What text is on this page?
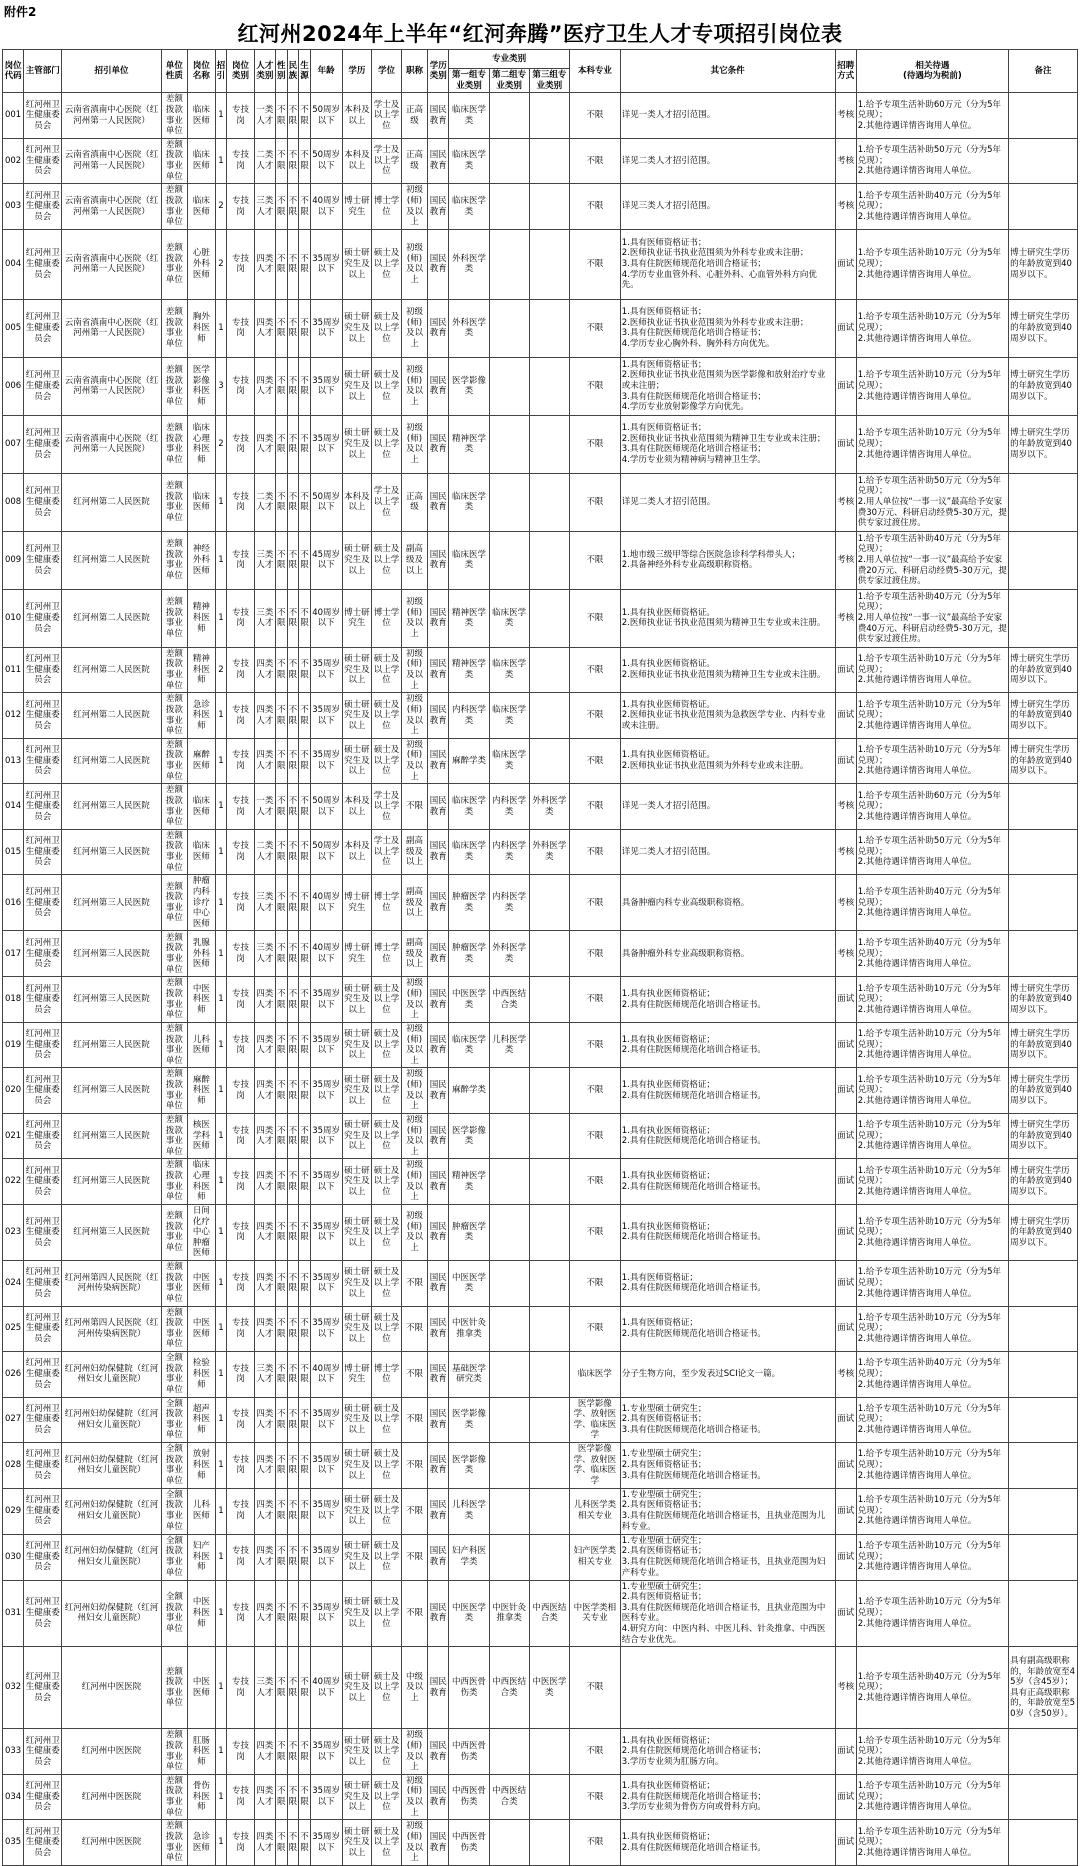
附件2
红河州2024年上半年“红河奔腾”医疗卫生人才专项招引岗位表
岗位代码	主管部门	招引单位	单位性质	岗位名称	招引	岗位类别	人才类别	性别	民族	生源	年龄	学历	学位	职称	学历类别	专业类别			本科专业	其它条件	招聘方式	相关待遇
(待遇均为税前)	备注
																第一组专业类别	第二组专业类别	第三组专业类别					
001	红河州卫生健康委员会	云南省滇南中心医院（红河州第一人民医院）	差额拨款事业单位	临床医师	1	专技岗	一类人才	不限	不限	不限	50周岁以下	本科及以上	学士及以上学位	正高级	国民教育	临床医学类			不限	详见一类人才招引范围。	考核	1.给予专项生活补助60万元（分为5年兑现）；
2.其他待遇详情咨询用人单位。	
002	红河州卫生健康委员会	云南省滇南中心医院（红河州第一人民医院）	差额拨款事业单位	临床医师	1	专技岗	二类人才	不限	不限	不限	50周岁以下	本科及以上	学士及以上学位	正高级	国民教育	临床医学类			不限	详见二类人才招引范围。	考核	1.给予专项生活补助50万元（分为5年兑现）；
2.其他待遇详情咨询用人单位。	
003	红河州卫生健康委员会	云南省滇南中心医院（红河州第一人民医院）	差额拨款事业单位	临床医师	2	专技岗	三类人才	不限	不限	不限	40周岁以下	博士研究生	博士学位	初级(师)及以上	国民教育	临床医学类			不限	详见三类人才招引范围。	考核	1.给予专项生活补助40万元（分为5年兑现）；
2.其他待遇详情咨询用人单位。	
004	红河州卫生健康委员会	云南省滇南中心医院（红河州第一人民医院）	差额拨款事业单位	心脏外科医师	2	专技岗	四类人才	不限	不限	不限	35周岁以下	硕士研究生及以上	硕士及以上学位	初级(师)及以上	国民教育	外科医学类			不限	1.具有医师资格证书；
2.医师执业证书执业范围须为外科专业或未注册；
3.具有住院医师规范化培训合格证书；
4.学历专业血管外科、心脏外科、心血管外科方向优先。	面试	1.给予专项生活补助10万元（分为5年兑现）；
2.其他待遇详情咨询用人单位。	博士研究生学历的年龄放宽到40周岁以下。
005	红河州卫生健康委员会	云南省滇南中心医院（红河州第一人民医院）	差额拨款事业单位	胸外科医师	1	专技岗	四类人才	不限	不限	不限	35周岁以下	硕士研究生及以上	硕士及以上学位	初级(师)及以上	国民教育	外科医学类			不限	1.具有医师资格证书；
2.医师执业证书执业范围须为外科专业或未注册；
3.具有住院医师规范化培训合格证书；
4.学历专业心胸外科、胸外科方向优先。	面试	1.给予专项生活补助10万元（分为5年兑现）；
2.其他待遇详情咨询用人单位。	博士研究生学历的年龄放宽到40周岁以下。
006	红河州卫生健康委员会	云南省滇南中心医院（红河州第一人民医院）	差额拨款事业单位	医学影像科医师	3	专技岗	四类人才	不限	不限	不限	35周岁以下	硕士研究生及以上	硕士及以上学位	初级(师)及以上	国民教育	医学影像类			不限	1.具有医师资格证书；
2.医师执业证书执业范围须为医学影像和放射治疗专业或未注册；
3.具有住院医师规范化培训合格证书；
4.学历专业放射影像学方向优先。	面试	1.给予专项生活补助10万元（分为5年兑现）；
2.其他待遇详情咨询用人单位。	博士研究生学历的年龄放宽到40周岁以下。
007	红河州卫生健康委员会	云南省滇南中心医院（红河州第一人民医院）	差额拨款事业单位	临床心理科医师	2	专技岗	四类人才	不限	不限	不限	35周岁以下	硕士研究生及以上	硕士及以上学位	初级(师)及以上	国民教育	精神医学类			不限	1.具有医师资格证书；
2.医师执业证书执业范围须为精神卫生专业或未注册；
3.具有住院医师规范化培训合格证书；
4.学历专业须为精神病与精神卫生学。	面试	1.给予专项生活补助10万元（分为5年兑现）；
2.其他待遇详情咨询用人单位。	博士研究生学历的年龄放宽到40周岁以下。
008	红河州卫生健康委员会	红河州第二人民医院	差额拨款事业单位	临床医师	1	专技岗	二类人才	不限	不限	不限	50周岁以下	本科及以上	学士及以上学位	正高级	国民教育	临床医学类			不限	详见二类人才招引范围。	考核	1.给予专项生活补助50万元（分为5年兑现）；
2.用人单位按“一事一议”最高给予安家费30万元、科研启动经费5-30万元，提供专家过渡住房。	
009	红河州卫生健康委员会	红河州第二人民医院	差额拨款事业单位	神经外科医师	1	专技岗	三类人才	不限	不限	不限	45周岁以下	硕士研究生及以上	硕士及以上学位	副高级及以上	国民教育	临床医学类			不限	1.地市级三级甲等综合医院急诊科学科带头人；
2.具备神经外科专业高级职称资格。	考核	1.给予专项生活补助40万元（分为5年兑现）；
2.用人单位按“一事一议”最高给予安家费20万元、科研启动经费5-30万元，提供专家过渡住房。	
010	红河州卫生健康委员会	红河州第二人民医院	差额拨款事业单位	精神科医师	1	专技岗	三类人才	不限	不限	不限	40周岁以下	博士研究生	博士学位	初级(师)及以上	国民教育	精神医学类	临床医学类		不限	1.具有执业医师资格证。
2.医师执业证书执业范围须为精神卫生专业或未注册。	考核	1.给予专项生活补助40万元（分为5年兑现）；
2.用人单位按“一事一议”最高给予安家费40万元、科研启动经费5-30万元，提供专家过渡住房。	
011	红河州卫生健康委员会	红河州第二人民医院	差额拨款事业单位	精神科医师	2	专技岗	四类人才	不限	不限	不限	35周岁以下	硕士研究生及以上	硕士及以上学位	初级(师)及以上	国民教育	精神医学类	临床医学类		不限	1.具有执业医师资格证。
2.医师执业证书执业范围须为精神卫生专业或未注册。	面试	1.给予专项生活补助10万元（分为5年兑现）；
2.其他待遇详情咨询用人单位。	博士研究生学历的年龄放宽到40周岁以下。
012	红河州卫生健康委员会	红河州第二人民医院	差额拨款事业单位	急诊科医师	1	专技岗	四类人才	不限	不限	不限	35周岁以下	硕士研究生及以上	硕士及以上学位	初级(师)及以上	国民教育	内科医学类	临床医学类		不限	1.具有执业医师资格证。
2.医师执业证书执业范围须为急救医学专业、内科专业或未注册。	面试	1.给予专项生活补助10万元（分为5年兑现）；
2.其他待遇详情咨询用人单位。	博士研究生学历的年龄放宽到40周岁以下。
013	红河州卫生健康委员会	红河州第二人民医院	差额拨款事业单位	麻醉医师	1	专技岗	四类人才	不限	不限	不限	35周岁以下	硕士研究生及以上	硕士及以上学位	初级(师)及以上	国民教育	麻醉学类	临床医学类		不限	1.具有执业医师资格证。
2.医师执业证书执业范围须为外科专业或未注册。	面试	1.给予专项生活补助10万元（分为5年兑现）；
2.其他待遇详情咨询用人单位。	博士研究生学历的年龄放宽到40周岁以下。
014	红河州卫生健康委员会	红河州第三人民医院	差额拨款事业单位	临床医师	1	专技岗	一类人才	不限	不限	不限	50周岁以下	本科及以上	学士及以上学位	不限	国民教育	临床医学类	内科医学类	外科医学类	不限	详见一类人才招引范围。	考核	1.给予专项生活补助60万元（分为5年兑现）；
2.其他待遇详情咨询用人单位。	
015	红河州卫生健康委员会	红河州第三人民医院	差额拨款事业单位	临床医师	1	专技岗	二类人才	不限	不限	不限	50周岁以下	本科及以上	学士及以上学位	副高级及以上	国民教育	临床医学类	内科医学类	外科医学类	不限	详见二类人才招引范围。	考核	1.给予专项生活补助50万元（分为5年兑现）；
2.其他待遇详情咨询用人单位。	
016	红河州卫生健康委员会	红河州第三人民医院	差额拨款事业单位	肿瘤内科诊疗中心医师	1	专技岗	三类人才	不限	不限	不限	40周岁以下	博士研究生	博士学位	副高级及以上	国民教育	肿瘤医学类	内科医学类		不限	具备肿瘤内科专业高级职称资格。	考核	1.给予专项生活补助40万元（分为5年兑现）；
2.其他待遇详情咨询用人单位。	
017	红河州卫生健康委员会	红河州第三人民医院	差额拨款事业单位	乳腺外科医师	1	专技岗	三类人才	不限	不限	不限	40周岁以下	博士研究生	博士学位	副高级及以上	国民教育	肿瘤医学类	外科医学类		不限	具备肿瘤外科专业高级职称资格。	考核	1.给予专项生活补助40万元（分为5年兑现）；
2.其他待遇详情咨询用人单位。	
018	红河州卫生健康委员会	红河州第三人民医院	差额拨款事业单位	中医科医师	1	专技岗	四类人才	不限	不限	不限	35周岁以下	硕士研究生及以上	硕士及以上学位	初级(师)及以上	国民教育	中医医学类	中西医结合类		不限	1.具有执业医师资格证；
2.具有住院医师规范化培训合格证书。	面试	1.给予专项生活补助10万元（分为5年兑现）；
2.其他待遇详情咨询用人单位。	博士研究生学历的年龄放宽到40周岁以下。
019	红河州卫生健康委员会	红河州第三人民医院	差额拨款事业单位	儿科医师	1	专技岗	四类人才	不限	不限	不限	35周岁以下	硕士研究生及以上	硕士及以上学位	初级(师)及以上	国民教育	临床医学类	儿科医学类		不限	1.具有执业医师资格证；
2.具有住院医师规范化培训合格证书。	面试	1.给予专项生活补助10万元（分为5年兑现）；
2.其他待遇详情咨询用人单位。	博士研究生学历的年龄放宽到40周岁以下。
020	红河州卫生健康委员会	红河州第三人民医院	差额拨款事业单位	麻醉科医师	1	专技岗	四类人才	不限	不限	不限	35周岁以下	硕士研究生及以上	硕士及以上学位	初级(师)及以上	国民教育	麻醉学类			不限	1.具有执业医师资格证；
2.具有住院医师规范化培训合格证书。	面试	1.给予专项生活补助10万元（分为5年兑现）；
2.其他待遇详情咨询用人单位。	博士研究生学历的年龄放宽到40周岁以下。
021	红河州卫生健康委员会	红河州第三人民医院	差额拨款事业单位	核医学科医师	1	专技岗	四类人才	不限	不限	不限	35周岁以下	硕士研究生及以上	硕士及以上学位	初级(师)及以上	国民教育	医学影像类			不限	1.具有执业医师资格证；
2.具有住院医师规范化培训合格证书。	面试	1.给予专项生活补助10万元（分为5年兑现）；
2.其他待遇详情咨询用人单位。	博士研究生学历的年龄放宽到40周岁以下。
022	红河州卫生健康委员会	红河州第三人民医院	差额拨款事业单位	临床心理科医师	1	专技岗	四类人才	不限	不限	不限	35周岁以下	硕士研究生及以上	硕士及以上学位	初级(师)及以上	国民教育	精神医学类			不限	1.具有执业医师资格证；
2.具有住院医师规范化培训合格证书。	面试	1.给予专项生活补助10万元（分为5年兑现）；
2.其他待遇详情咨询用人单位。	博士研究生学历的年龄放宽到40周岁以下。
023	红河州卫生健康委员会	红河州第三人民医院	差额拨款事业单位	日间化疗中心肿瘤医师	1	专技岗	四类人才	不限	不限	不限	35周岁以下	硕士研究生及以上	硕士及以上学位	初级(师)及以上	国民教育	肿瘤医学类			不限	1.具有执业医师资格证；
2.具有住院医师规范化培训合格证书。	面试	1.给予专项生活补助10万元（分为5年兑现）；
2.其他待遇详情咨询用人单位。	博士研究生学历的年龄放宽到40周岁以下。
024	红河州卫生健康委员会	红河州第四人民医院（红河州传染病医院）	差额拨款事业单位	中医医师	1	专技岗	四类人才	不限	不限	不限	35周岁以下	硕士研究生及以上	硕士及以上学位	不限	国民教育	中医医学类			不限	1.具有医师资格证；
2.具有住院医师规范化培训合格证书。	面试	1.给予专项生活补助10万元（分为5年兑现）；
2.其他待遇详情咨询用人单位。	
025	红河州卫生健康委员会	红河州第四人民医院（红河州传染病医院）	差额拨款事业单位	中医医师	1	专技岗	四类人才	不限	不限	不限	35周岁以下	硕士研究生及以上	硕士及以上学位	不限	国民教育	中医针灸推拿类			不限	1.具有医师资格证；
2.具有住院医师规范化培训合格证书。	面试	1.给予专项生活补助10万元（分为5年兑现）；
2.其他待遇详情咨询用人单位。	
026	红河州卫生健康委员会	红河州妇幼保健院（红河州妇女儿童医院）	全额拨款事业单位	检验科医师	1	专技岗	三类人才	不限	不限	不限	40周岁以下	博士研究生	博士学位	不限	国民教育	基础医学研究类			临床医学	分子生物方向，至少发表过SCI论文一篇。	考核	1.给予专项生活补助40万元（分为5年兑现）；
2.其他待遇详情咨询用人单位。	
027	红河州卫生健康委员会	红河州妇幼保健院（红河州妇女儿童医院）	全额拨款事业单位	超声科医师	1	专技岗	四类人才	不限	不限	不限	35周岁以下	硕士研究生及以上	硕士及以上学位	不限	国民教育	医学影像类			医学影像学、放射医学、临床医学	1.专业型硕士研究生；
2.具有医师资格证书；
3.具有住院医师规范化培训合格证书。	面试	1.给予专项生活补助10万元（分为5年兑现）；
2.其他待遇详情咨询用人单位。	
028	红河州卫生健康委员会	红河州妇幼保健院（红河州妇女儿童医院）	全额拨款事业单位	放射科医师	1	专技岗	四类人才	不限	不限	不限	35周岁以下	硕士研究生及以上	硕士及以上学位	不限	国民教育	医学影像类			医学影像学、放射医学、临床医学	1.专业型硕士研究生；
2.具有医师资格证书；
3.具有住院医师规范化培训合格证书。	面试	1.给予专项生活补助10万元（分为5年兑现）；
2.其他待遇详情咨询用人单位。	
029	红河州卫生健康委员会	红河州妇幼保健院（红河州妇女儿童医院）	全额拨款事业单位	儿科医师	1	专技岗	四类人才	不限	不限	不限	35周岁以下	硕士研究生及以上	硕士及以上学位	不限	国民教育	儿科医学类			儿科医学类相关专业	1.专业型硕士研究生；
2.具有医师资格证书；
3.具有住院医师规范化培训合格证书，且执业范围为儿科专业。	面试	1.给予专项生活补助10万元（分为5年兑现）；
2.其他待遇详情咨询用人单位。	
030	红河州卫生健康委员会	红河州妇幼保健院（红河州妇女儿童医院）	全额拨款事业单位	妇产科医师	1	专技岗	四类人才	不限	不限	不限	35周岁以下	硕士研究生及以上	硕士及以上学位	不限	国民教育	妇产科医学类			妇产医学类相关专业	1.专业型硕士研究生；
2.具有医师资格证书；
3.具有住院医师规范化培训合格证书，且执业范围为妇产科专业。	面试	1.给予专项生活补助10万元（分为5年兑现）；
2.其他待遇详情咨询用人单位。	
031	红河州卫生健康委员会	红河州妇幼保健院（红河州妇女儿童医院）	全额拨款事业单位	中医科医师	1	专技岗	四类人才	不限	不限	不限	35周岁以下	硕士研究生及以上	硕士及以上学位	不限	国民教育	中医医学类	中医针灸推拿类	中西医结合类	中医学类相关专业	1.专业型硕士研究生；
2.具有医师资格证书；
3.具有住院医师规范化培训合格证书，且执业范围为中医科专业。
4.研究方向：中医内科、中医儿科、针灸推拿、中西医结合专业优先。	面试	1.给予专项生活补助10万元（分为5年兑现）；
2.其他待遇详情咨询用人单位。	
032	红河州卫生健康委员会	红河州中医医院	差额拨款事业单位	中医医师	1	专技岗	三类人才	不限	不限	不限	40周岁以下	硕士研究生及以上	硕士及以上学位	中级及以上	国民教育	中西医骨伤类	中西医结合类	中医医学类	不限		考核	1.给予专项生活补助40万元（分为5年兑现）；
2.其他待遇详情咨询用人单位。	具有副高级职称的，年龄放宽至45岁（含45岁）；具有正高级职称的，年龄放宽至50岁（含50岁）。
033	红河州卫生健康委员会	红河州中医医院	差额拨款事业单位	肛肠科医师	1	专技岗	四类人才	不限	不限	不限	35周岁以下	硕士研究生及以上	硕士及以上学位	初级(师)及以上	国民教育	中西医骨伤类			不限	1.具有执业医师资格证；
2.具有住院医师规范化培训合格证书；
3.学历专业须为肛肠方向。	面试	1.给予专项生活补助10万元（分为5年兑现）；
2.其他待遇详情咨询用人单位。	
034	红河州卫生健康委员会	红河州中医医院	差额拨款事业单位	骨伤科医师	1	专技岗	四类人才	不限	不限	不限	35周岁以下	硕士研究生及以上	硕士及以上学位	初级(师)及以上	国民教育	中西医骨伤类	中西医结合类		不限	1.具有执业医师资格证；
2.具有住院医师规范化培训合格证书；
3.学历专业须为骨伤方向或骨科方向。	面试	1.给予专项生活补助10万元（分为5年兑现）；
2.其他待遇详情咨询用人单位。	
035	红河州卫生健康委员会	红河州中医医院	差额拨款事业单位	急诊医师	1	专技岗	四类人才	不限	不限	不限	35周岁以下	硕士研究生及以上	硕士及以上学位	初级(师)及以上	国民教育	中西医骨伤类			不限	1.具有执业医师资格证；
2.具有住院医师规范化培训合格证书。	面试	1.给予专项生活补助10万元（分为5年兑现）；
2.其他待遇详情咨询用人单位。	
